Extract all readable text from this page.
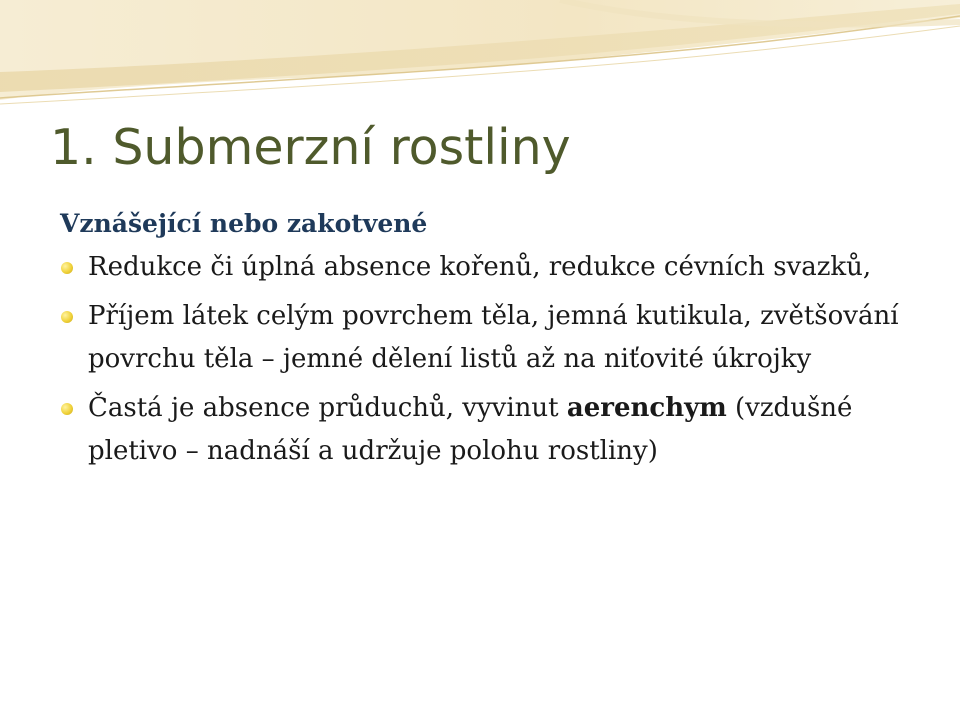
1. Submerzní rostliny
Vznášející nebo zakotvené
Redukce či úplná absence kořenů, redukce cévních svazků,
Příjem látek celým povrchem těla, jemná kutikula, zvětšování povrchu těla – jemné dělení listů až na niťovité úkrojky
Častá je absence průduchů, vyvinut aerenchym (vzdušné pletivo – nadnáší a udržuje polohu rostliny)
